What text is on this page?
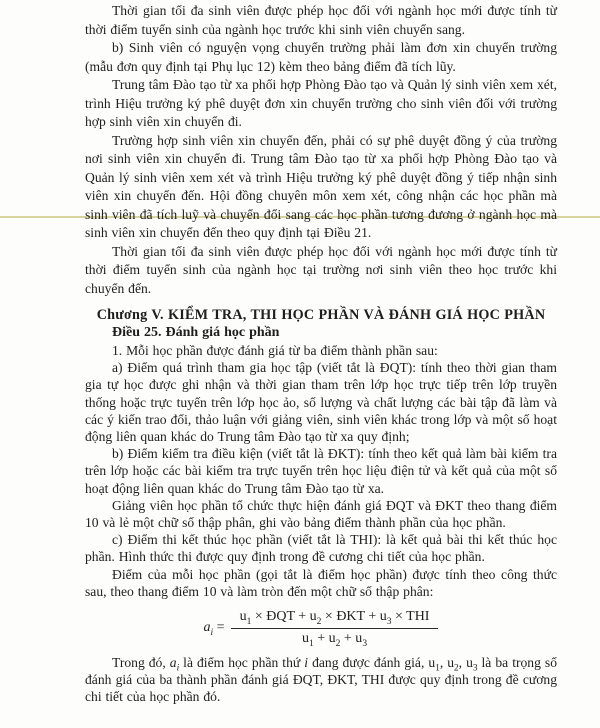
Thời gian tối đa sinh viên được phép học đối với ngành học mới được tính từ thời điểm tuyển sinh của ngành học trước khi sinh viên chuyển sang.

b) Sinh viên có nguyện vọng chuyển trường phải làm đơn xin chuyển trường (mẫu đơn quy định tại Phụ lục 12) kèm theo bảng điểm đã tích lũy.

Trung tâm Đào tạo từ xa phối hợp Phòng Đào tạo và Quản lý sinh viên xem xét, trình Hiệu trưởng ký phê duyệt đơn xin chuyển trường cho sinh viên đối với trường hợp sinh viên xin chuyển đi.

Trường hợp sinh viên xin chuyển đến, phải có sự phê duyệt đồng ý của trường nơi sinh viên xin chuyển đi. Trung tâm Đào tạo từ xa phối hợp Phòng Đào tạo và Quản lý sinh viên xem xét và trình Hiệu trưởng ký phê duyệt đồng ý tiếp nhận sinh viên xin chuyển đến. Hội đồng chuyên môn xem xét, công nhận các học phần mà sinh viên đã tích luỹ và chuyển đổi sang các học phần tương đương ở ngành học mà sinh viên xin chuyển đến theo quy định tại Điều 21.

Thời gian tối đa sinh viên được phép học đối với ngành học mới được tính từ thời điểm tuyển sinh của ngành học tại trường nơi sinh viên theo học trước khi chuyển đến.

Chương V. KIỂM TRA, THI HỌC PHẦN VÀ ĐÁNH GIÁ HỌC PHẦN

Điều 25. Đánh giá học phần

1. Mỗi học phần được đánh giá từ ba điểm thành phần sau:

a) Điểm quá trình tham gia học tập (viết tắt là ĐQT): tính theo thời gian tham gia tự học được ghi nhận và thời gian tham trên lớp học trực tiếp trên lớp truyền thống hoặc trực tuyến trên lớp học ảo, số lượng và chất lượng các bài tập đã làm và các ý kiến trao đổi, thảo luận với giảng viên, sinh viên khác trong lớp và một số hoạt động liên quan khác do Trung tâm Đào tạo từ xa quy định;

b) Điểm kiểm tra điều kiện (viết tắt là ĐKT): tính theo kết quả làm bài kiểm tra trên lớp hoặc các bài kiểm tra trực tuyến trên học liệu điện tử và kết quả của một số hoạt động liên quan khác do Trung tâm Đào tạo từ xa.

Giảng viên học phần tổ chức thực hiện đánh giá ĐQT và ĐKT theo thang điểm 10 và lẻ một chữ số thập phân, ghi vào bảng điểm thành phần của học phần.

c) Điểm thi kết thúc học phần (viết tắt là THI): là kết quả bài thi kết thúc học phần. Hình thức thi được quy định trong đề cương chi tiết của học phần.

Điểm của mỗi học phần (gọi tắt là điểm học phần) được tính theo công thức sau, theo thang điểm 10 và làm tròn đến một chữ số thập phân:

$a_i = \frac{u_1 \times ĐQT + u_2 \times ĐKT + u_3 \times THI}{u_1 + u_2 + u_3}$

Trong đó, $a_i$ là điểm học phần thứ i đang được đánh giá, $u_1$, $u_2$, $u_3$ là ba trọng số đánh giá của ba thành phần đánh giá ĐQT, ĐKT, THI được quy định trong đề cương chi tiết của học phần đó.
